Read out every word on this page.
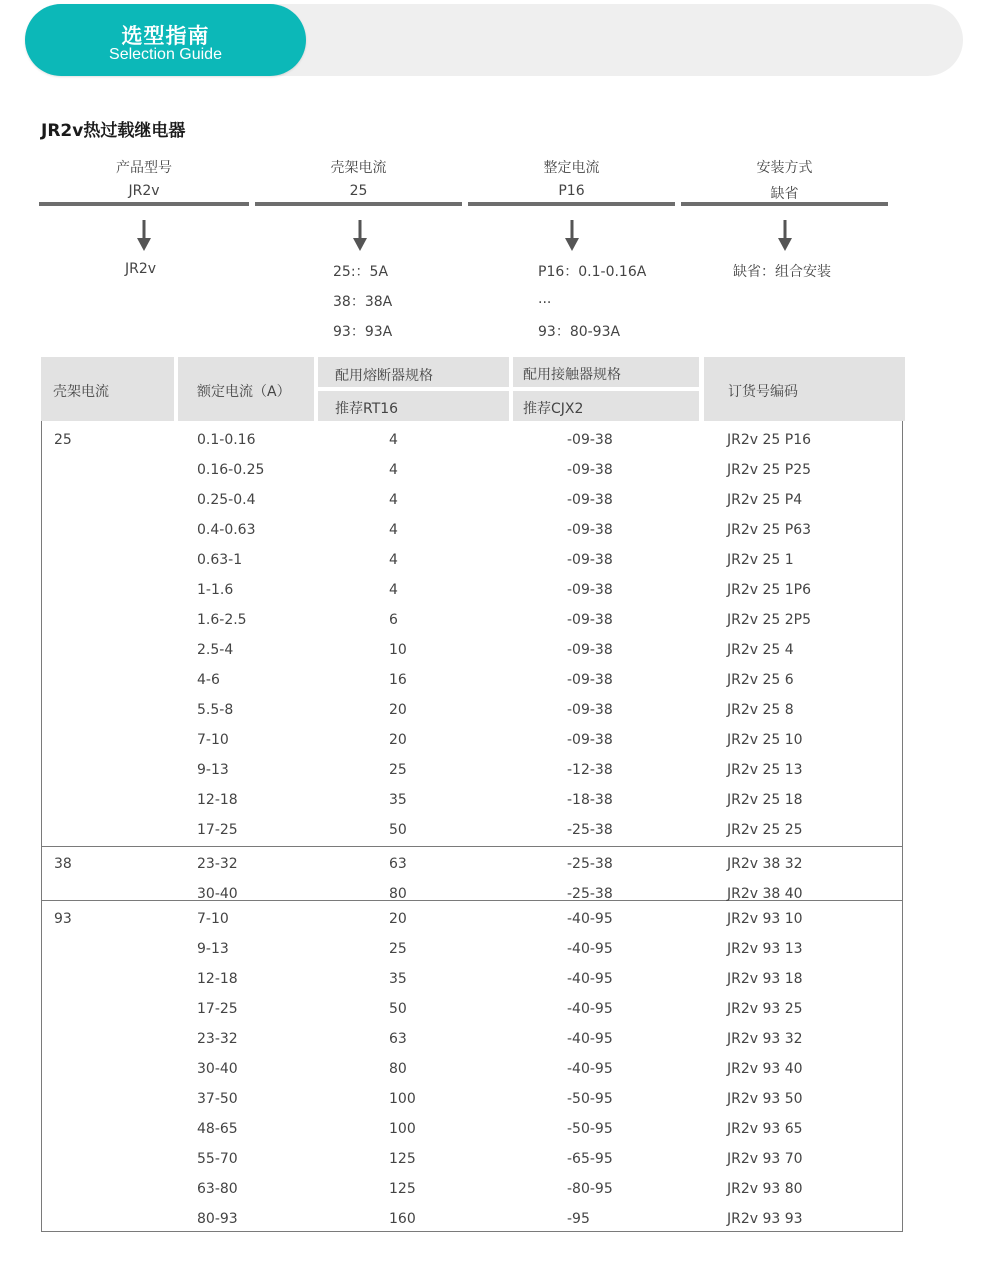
选型指南
Selection Guide
JR2v热过载继电器
产品型号
JR2v
JR2v
壳架电流
25
25:：5A
38：38A
93：93A
整定电流
P16
P16：0.1-0.16A
...
93：80-93A
安装方式
缺省
缺省：组合安装
壳架电流	额定电流（A）
配用熔断器规格
推荐RT16
配用接触器规格
推荐CJX2
订货号编码
25	0.1-0.16	4	-09-38	JR2v 25 P16
0.16-0.25	4	-09-38	JR2v 25 P25
0.25-0.4	4	-09-38	JR2v 25 P4
0.4-0.63	4	-09-38	JR2v 25 P63
0.63-1	4	-09-38	JR2v 25 1
1-1.6	4	-09-38	JR2v 25 1P6
1.6-2.5	6	-09-38	JR2v 25 2P5
2.5-4	10	-09-38	JR2v 25 4
4-6	16	-09-38	JR2v 25 6
5.5-8	20	-09-38	JR2v 25 8
7-10	20	-09-38	JR2v 25 10
9-13	25	-12-38	JR2v 25 13
12-18	35	-18-38	JR2v 25 18
17-25	50	-25-38	JR2v 25 25
38	23-32	63	-25-38	JR2v 38 32
30-40	80	-25-38	JR2v 38 40
93	7-10	20	-40-95	JR2v 93 10
9-13	25	-40-95	JR2v 93 13
12-18	35	-40-95	JR2v 93 18
17-25	50	-40-95	JR2v 93 25
23-32	63	-40-95	JR2v 93 32
30-40	80	-40-95	JR2v 93 40
37-50	100	-50-95	JR2v 93 50
48-65	100	-50-95	JR2v 93 65
55-70	125	-65-95	JR2v 93 70
63-80	125	-80-95	JR2v 93 80
80-93	160	-95	JR2v 93 93
